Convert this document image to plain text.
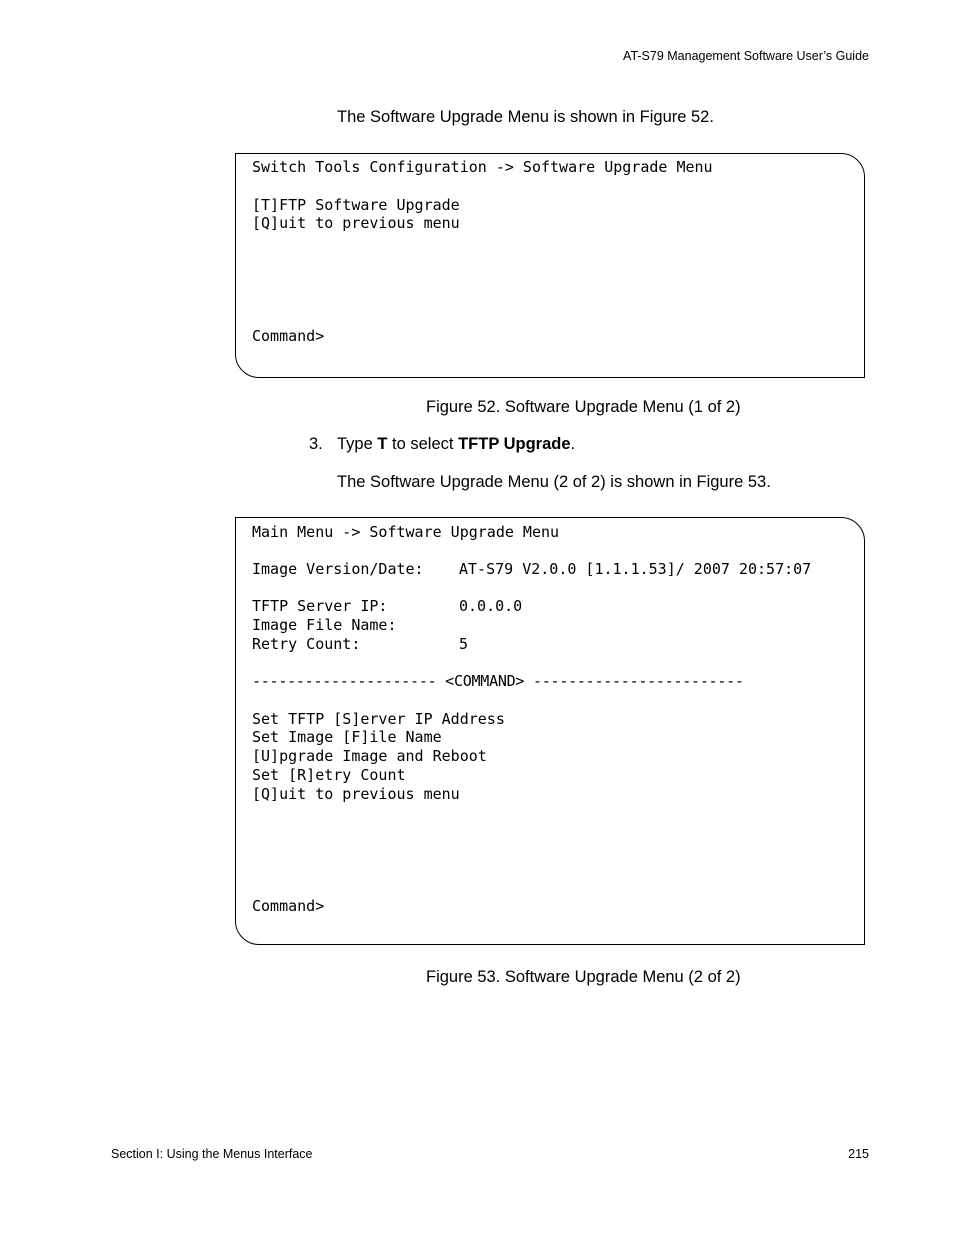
AT-S79 Management Software User’s Guide
The Software Upgrade Menu is shown in Figure 52.
Switch Tools Configuration -> Software Upgrade Menu
[T]FTP Software Upgrade
[Q]uit to previous menu
Command>
Figure 52. Software Upgrade Menu (1 of 2)
3. Type T to select TFTP Upgrade.
The Software Upgrade Menu (2 of 2) is shown in Figure 53.
Main Menu -> Software Upgrade Menu
Image Version/Date: AT-S79 V2.0.0 [1.1.1.53]/ 2007 20:57:07
TFTP Server IP:	0.0.0.0
Image File Name:
Retry Count:	5
--------------------- <COMMAND> ------------------------
Set TFTP [S]erver IP Address
Set Image [F]ile Name
[U]pgrade Image and Reboot
Set [R]etry Count
[Q]uit to previous menu
Command>
Figure 53. Software Upgrade Menu (2 of 2)
Section I: Using the Menus Interface	215
